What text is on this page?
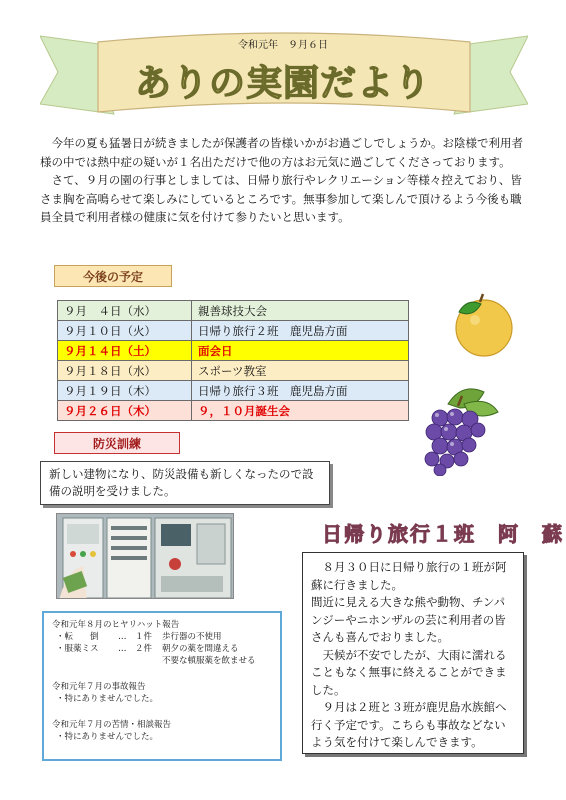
令和元年　９月６日
ありの実園だより

今年の夏も猛暑日が続きましたが保護者の皆様いかがお過ごしでしょうか。お陰様で利用者様の中では熱中症の疑いが１名出ただけで他の方はお元気に過ごしてくださっております。

さて、９月の園の行事としましては、日帰り旅行やレクリエーション等様々控えており、皆さま胸を高鳴らせて楽しみにしているところです。無事参加して楽しんで頂けるよう今後も職員全員で利用者様の健康に気を付けて参りたいと思います。

今後の予定
９月　４日（水）	親善球技大会
９月１０日（火）	日帰り旅行２班　鹿児島方面
９月１４日（土）	面会日
９月１８日（水）	スポーツ教室
９月１９日（木）	日帰り旅行３班　鹿児島方面
９月２６日（木）	９，１０月誕生会
防災訓練
新しい建物になり、防災設備も新しくなったので設備の説明を受けました。
日帰り旅行１班　阿　蘇

８月３０日に日帰り旅行の１班が阿蘇に行きました。

間近に見える大きな熊や動物、チンパンジーやニホンザルの芸に利用者の皆さんも喜んでおりました。

天候が不安でしたが、大雨に濡れることもなく無事に終えることができました。

９月は２班と３班が鹿児島水族館へ行く予定です。こちらも事故などないよう気を付けて楽しんできます。

令和元年８月のヒヤリハット報告
・転　　倒	…　１件	歩行器の不使用
・服薬ミス	…　２件	朝夕の薬を間違える
不要な頓服薬を飲ませる
令和元年７月の事故報告
・特にありませんでした。
令和元年７月の苦情・相談報告
・特にありませんでした。
